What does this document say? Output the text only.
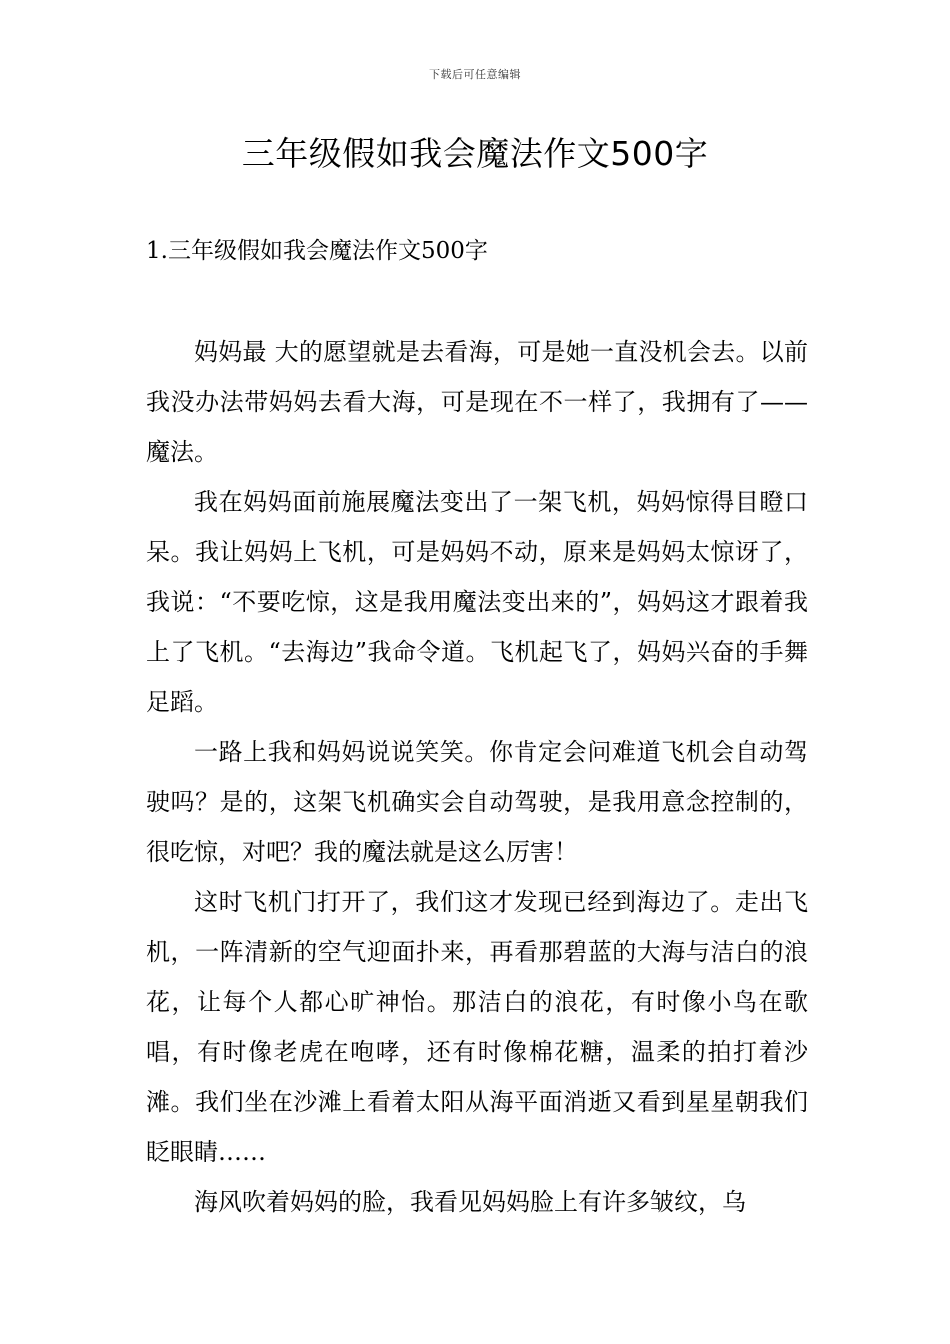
下载后可任意编辑
三年级假如我会魔法作文500字
1.三年级假如我会魔法作文500字

妈妈最 大的愿望就是去看海，可是她一直没机会去。以前我没办法带妈妈去看大海，可是现在不一样了，我拥有了——魔法。

我在妈妈面前施展魔法变出了一架飞机，妈妈惊得目瞪口呆。我让妈妈上飞机，可是妈妈不动，原来是妈妈太惊讶了，我说：“不要吃惊，这是我用魔法变出来的”，妈妈这才跟着我上了飞机。“去海边”我命令道。飞机起飞了，妈妈兴奋的手舞足蹈。

一路上我和妈妈说说笑笑。你肯定会问难道飞机会自动驾驶吗？是的，这架飞机确实会自动驾驶，是我用意念控制的，很吃惊，对吧？我的魔法就是这么厉害！

这时飞机门打开了，我们这才发现已经到海边了。走出飞机，一阵清新的空气迎面扑来，再看那碧蓝的大海与洁白的浪花，让每个人都心旷神怡。那洁白的浪花，有时像小鸟在歌唱，有时像老虎在咆哮，还有时像棉花糖，温柔的拍打着沙滩。我们坐在沙滩上看着太阳从海平面消逝又看到星星朝我们眨眼睛……

海风吹着妈妈的脸，我看见妈妈脸上有许多皱纹，乌
